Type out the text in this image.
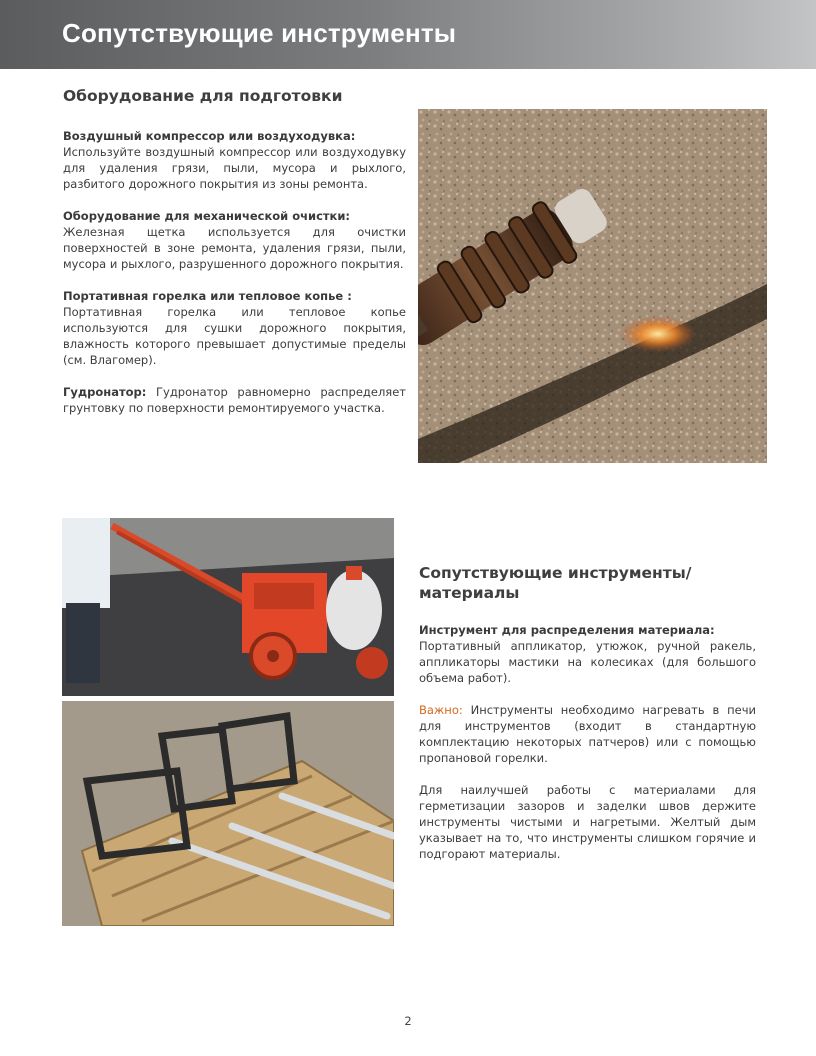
Сопутствующие инструменты
Оборудование для подготовки

Воздушный компрессор или воздуходувка:
Используйте воздушный компрессор или воздуходувку для удаления грязи, пыли, мусора и рыхлого, разбитого дорожного покрытия из зоны ремонта.

Оборудование для механической очистки:
Железная щетка используется для очистки поверхностей в зоне ремонта, удаления грязи, пыли, мусора и рыхлого, разрушенного дорожного покрытия.

Портативная горелка или тепловое копье :
Портативная горелка или тепловое копье используются для сушки дорожного покрытия, влажность которого превышает допустимые пределы (см. Влагомер).

Гудронатор: Гудронатор равномерно распределяет грунтовку по поверхности ремонтируемого участка.

Сопутствующие инструменты/материалы

Инструмент для распределения материала:
Портативный аппликатор, утюжок, ручной ракель, аппликаторы мастики на колесиках (для большого объема работ).

Важно: Инструменты необходимо нагревать в печи для инструментов (входит в стандартную комплектацию некоторых патчеров) или с помощью пропановой горелки.

Для наилучшей работы с материалами для герметизации зазоров и заделки швов держите инструменты чистыми и нагретыми. Желтый дым указывает на то, что инструменты слишком горячие и подгорают материалы.

2
